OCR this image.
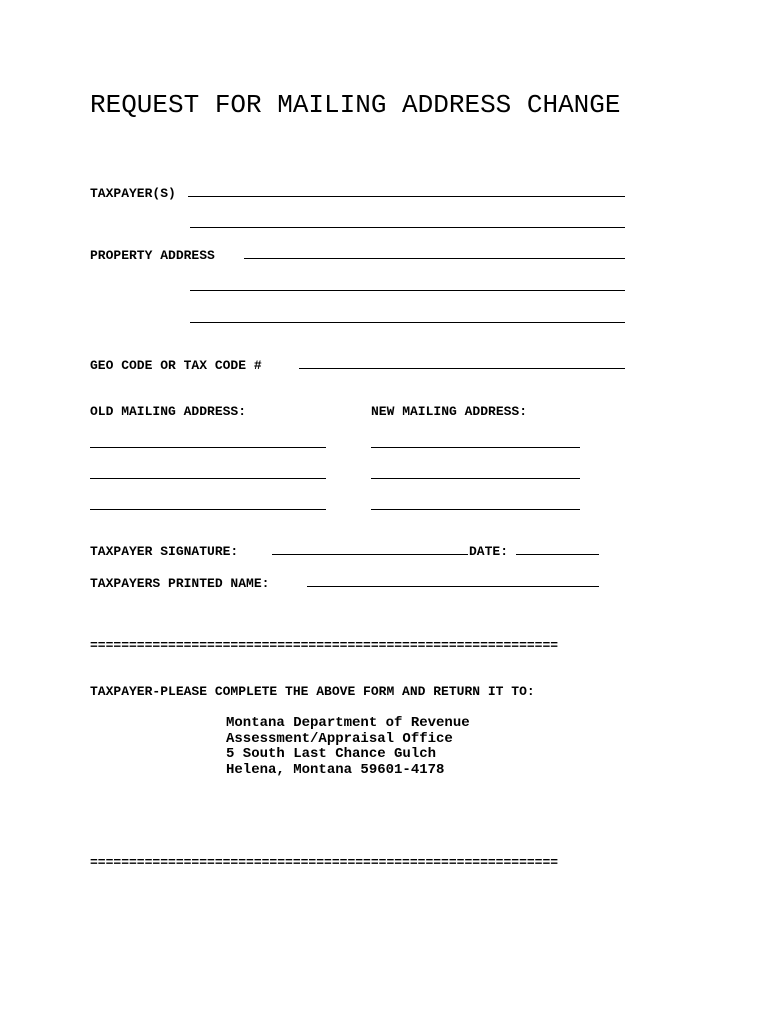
REQUEST FOR MAILING ADDRESS CHANGE
TAXPAYER(S)
PROPERTY ADDRESS
GEO CODE OR TAX CODE #
OLD MAILING ADDRESS:	NEW MAILING ADDRESS:
TAXPAYER SIGNATURE:	DATE:
TAXPAYERS PRINTED NAME:
============================================================
TAXPAYER-PLEASE COMPLETE THE ABOVE FORM AND RETURN IT TO:
Montana Department of Revenue
Assessment/Appraisal Office
5 South Last Chance Gulch
Helena, Montana 59601-4178
============================================================
